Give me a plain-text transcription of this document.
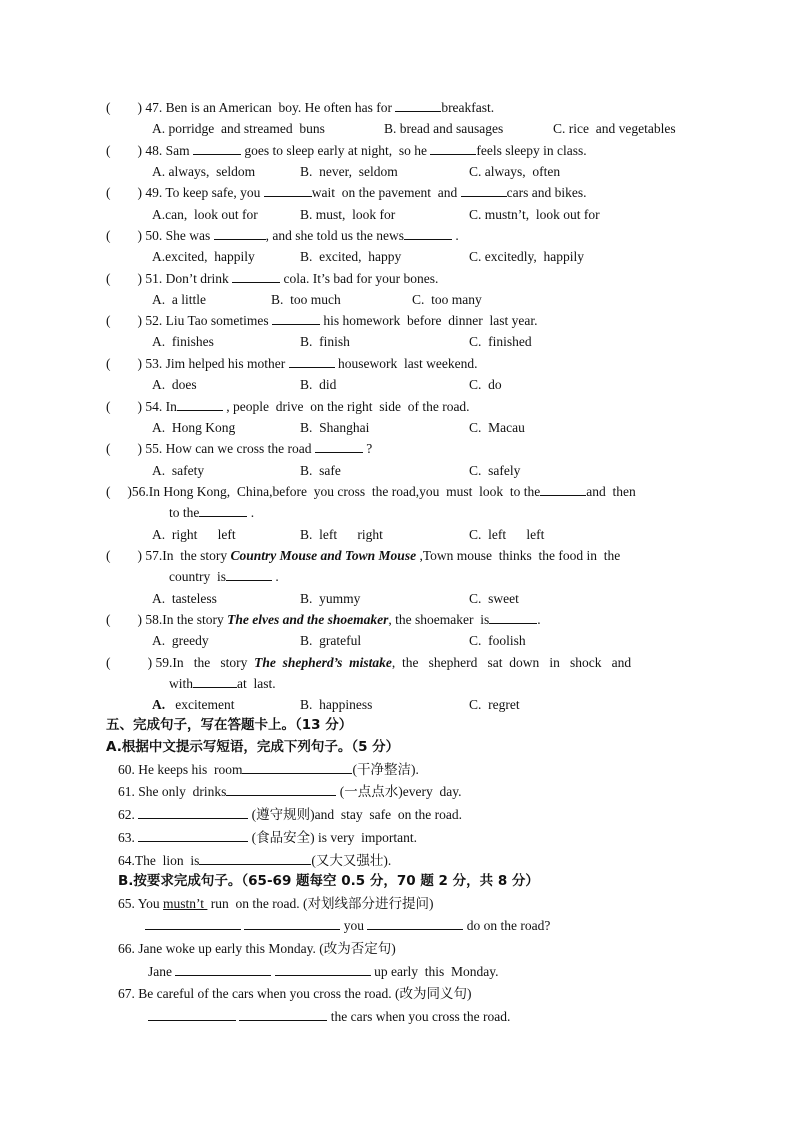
(        ) 47. Ben is an American  boy. He often has for	breakfast.
A. porridge  and streamed  buns	B. bread and sausages	C. rice  and vegetables
(        ) 48. Sam	goes to sleep early at night,  so he	feels sleepy in class.
A. always,  seldom	B.  never,  seldom	C. always,  often
(        ) 49. To keep safe, you	wait  on the pavement  and	cars and bikes.
A.can,  look out for	B. must,  look for	C. mustn’t,  look out for
(        ) 50. She was	, and she told us the news	.
A.excited,  happily	B.  excited,  happy	C. excitedly,  happily
(        ) 51. Don’t drink	cola. It’s bad for your bones.
A.  a little	B.  too much	C.  too many
(        ) 52. Liu Tao sometimes	his homework  before  dinner  last year.
A.  finishes	B.  finish	C.  finished
(        ) 53. Jim helped his mother	housework  last weekend.
A.  does	B.  did	C.  do
(        ) 54. In	, people  drive  on the right  side  of the road.
A.  Hong Kong	B.  Shanghai	C.  Macau
(        ) 55. How can we cross the road	?
A.  safety	B.  safe	C.  safely
(     )56.In Hong Kong,  China,before  you cross  the road,you  must  look  to the	and  then
to the	.
A.  right      left	B.  left      right	C.  left      left
(        ) 57.In  the story Country Mouse and Town Mouse ,Town mouse  thinks  the food in  the
country  is	.
A.  tasteless	B.  yummy	C.  sweet
(        ) 58.In the story The elves and the shoemaker, the shoemaker  is	.
A.  greedy	B.  grateful	C.  foolish
(           ) 59.In   the   story  The  shepherd’s  mistake,  the   shepherd   sat  down   in   shock   and
with	at  last.
A. excitement	B.  happiness	C.  regret
五、完成句子，写在答题卡上。（13 分）
A.根据中文提示写短语，完成下列句子。（5 分）
60. He keeps his  room	(干净整洁).
61. She only  drinks	(一点点水)every  day.
62.	(遵守规则)and  stay  safe  on the road.
63.	(食品安全) is very  important.
64.The  lion  is	(又大又强壮).
B.按要求完成句子。（65-69 题每空 0.5 分，70 题 2 分，共 8 分）
65. You mustn’t  run  on the road. (对划线部分进行提问)
you	do on the road?
66. Jane woke up early this Monday. (改为否定句)
Jane	up early  this  Monday.
67. Be careful of the cars when you cross the road. (改为同义句)
the cars when you cross the road.
